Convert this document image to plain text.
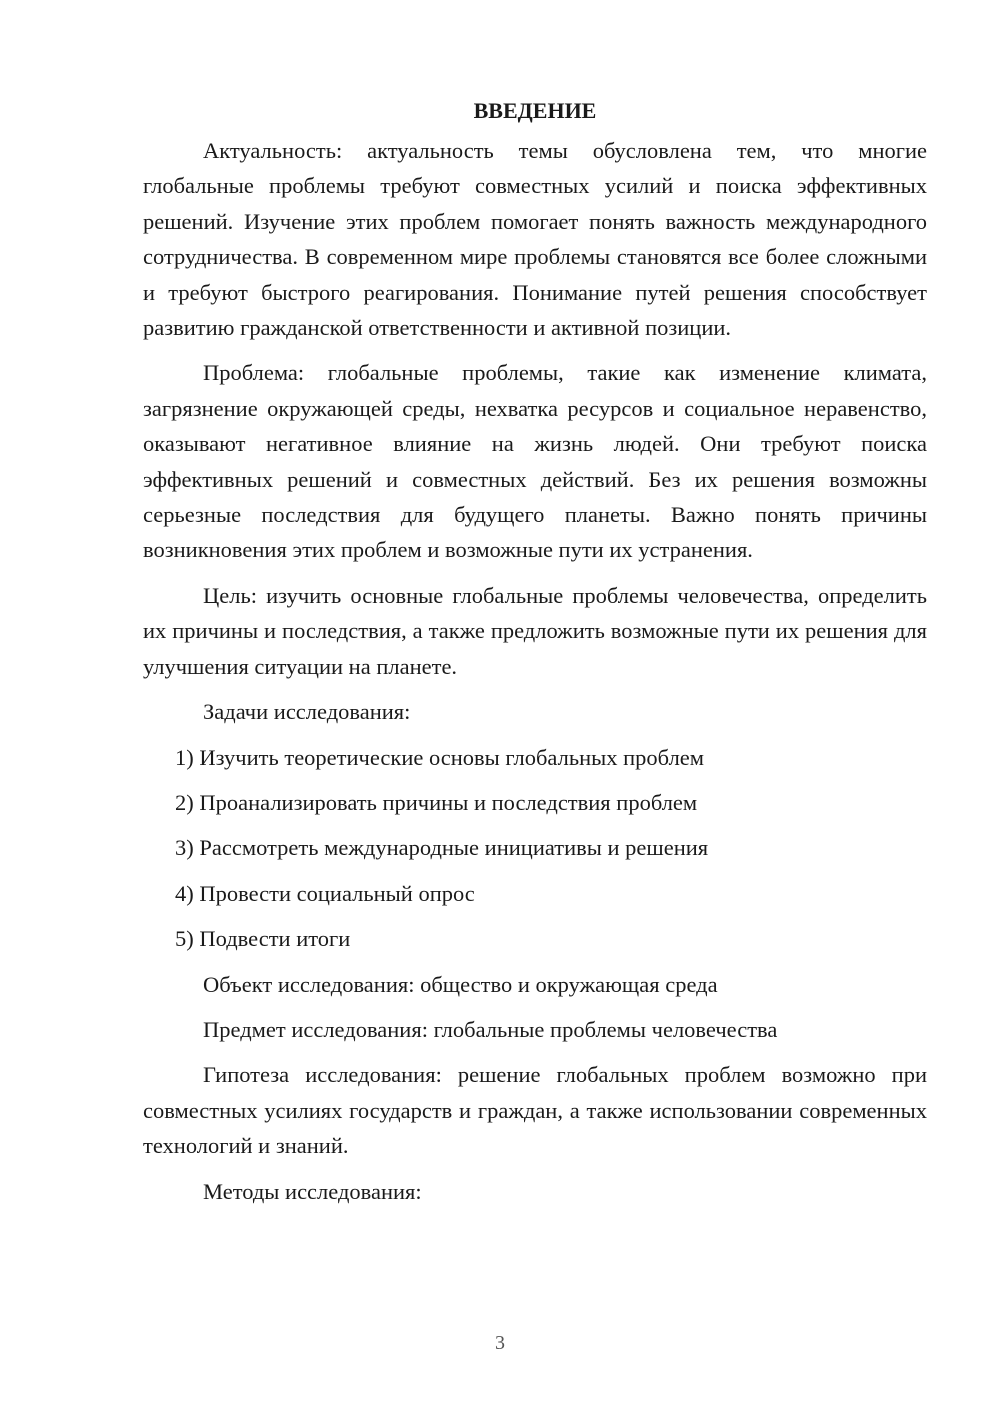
ВВЕДЕНИЕ

Актуальность: актуальность темы обусловлена тем, что многие глобальные проблемы требуют совместных усилий и поиска эффективных решений. Изучение этих проблем помогает понять важность международного сотрудничества. В современном мире проблемы становятся все более сложными и требуют быстрого реагирования. Понимание путей решения способствует развитию гражданской ответственности и активной позиции.

Проблема: глобальные проблемы, такие как изменение климата, загрязнение окружающей среды, нехватка ресурсов и социальное неравенство, оказывают негативное влияние на жизнь людей. Они требуют поиска эффективных решений и совместных действий. Без их решения возможны серьезные последствия для будущего планеты. Важно понять причины возникновения этих проблем и возможные пути их устранения.

Цель: изучить основные глобальные проблемы человечества, определить их причины и последствия, а также предложить возможные пути их решения для улучшения ситуации на планете.

Задачи исследования:

1) Изучить теоретические основы глобальных проблем
2) Проанализировать причины и последствия проблем
3) Рассмотреть международные инициативы и решения
4) Провести социальный опрос
5) Подвести итоги

Объект исследования: общество и окружающая среда

Предмет исследования: глобальные проблемы человечества

Гипотеза исследования: решение глобальных проблем возможно при совместных усилиях государств и граждан, а также использовании современных технологий и знаний.

Методы исследования:

3
